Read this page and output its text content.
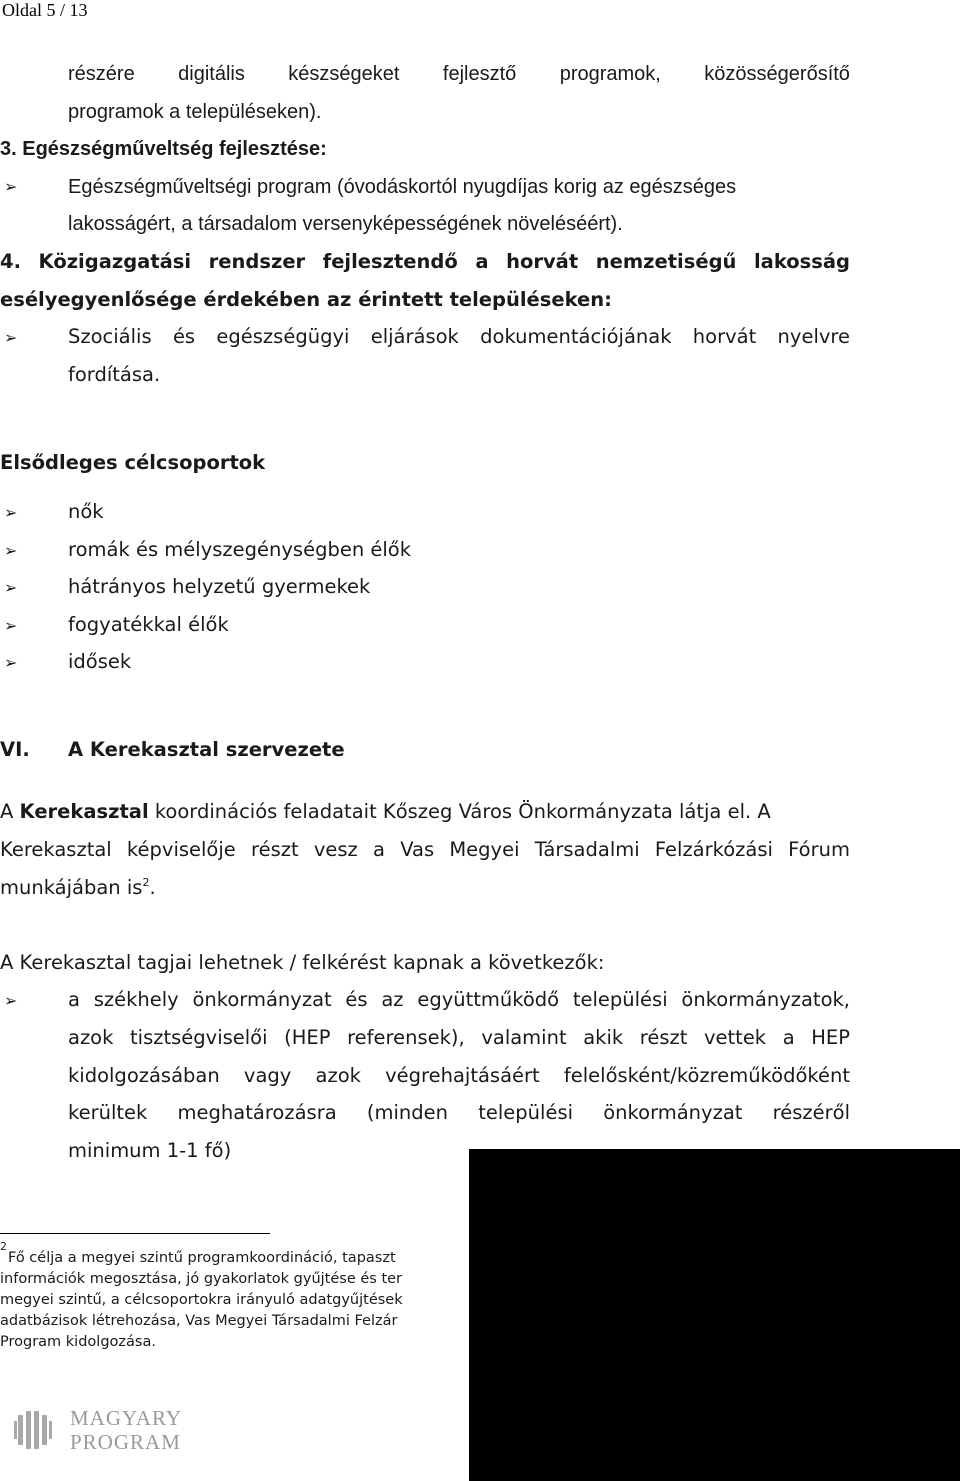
Oldal 5 / 13
részére digitális készségeket fejlesztő programok, közösségerősítő
programok a településeken).
3. Egészségműveltség fejlesztése:
➢	Egészségműveltségi program (óvodáskortól nyugdíjas korig az egészséges
lakosságért, a társadalom versenyképességének növeléséért).
4. Közigazgatási rendszer fejlesztendő a horvát nemzetiségű lakosság
esélyegyenlősége érdekében az érintett településeken:
➢	Szociális és egészségügyi eljárások dokumentációjának horvát nyelvre
fordítása.
Elsődleges célcsoportok
➢	nők
➢	romák és mélyszegénységben élők
➢	hátrányos helyzetű gyermekek
➢	fogyatékkal élők
➢	idősek
VI. A Kerekasztal szervezete
A Kerekasztal koordinációs feladatait Kőszeg Város Önkormányzata látja el. A
Kerekasztal képviselője részt vesz a Vas Megyei Társadalmi Felzárkózási Fórum
munkájában $is^2$.
A Kerekasztal tagjai lehetnek / felkérést kapnak a következők:
➢	a székhely önkormányzat és az együttműködő települési önkormányzatok,
azok tisztségviselői (HEP referensek), valamint akik részt vettek a HEP
kidolgozásában vagy azok végrehajtásáért felelősként/közreműködőként
kerültek meghatározásra (minden települési önkormányzat részéről
minimum 1-1 fő)
2
Fő célja a megyei szintű programkoordináció, tapaszt
információk megosztása, jó gyakorlatok gyűjtése és ter
megyei szintű, a célcsoportokra irányuló adatgyűjtések
adatbázisok létrehozása, Vas Megyei Társadalmi Felzár
Program kidolgozása.
MAGYARY
PROGRAM
